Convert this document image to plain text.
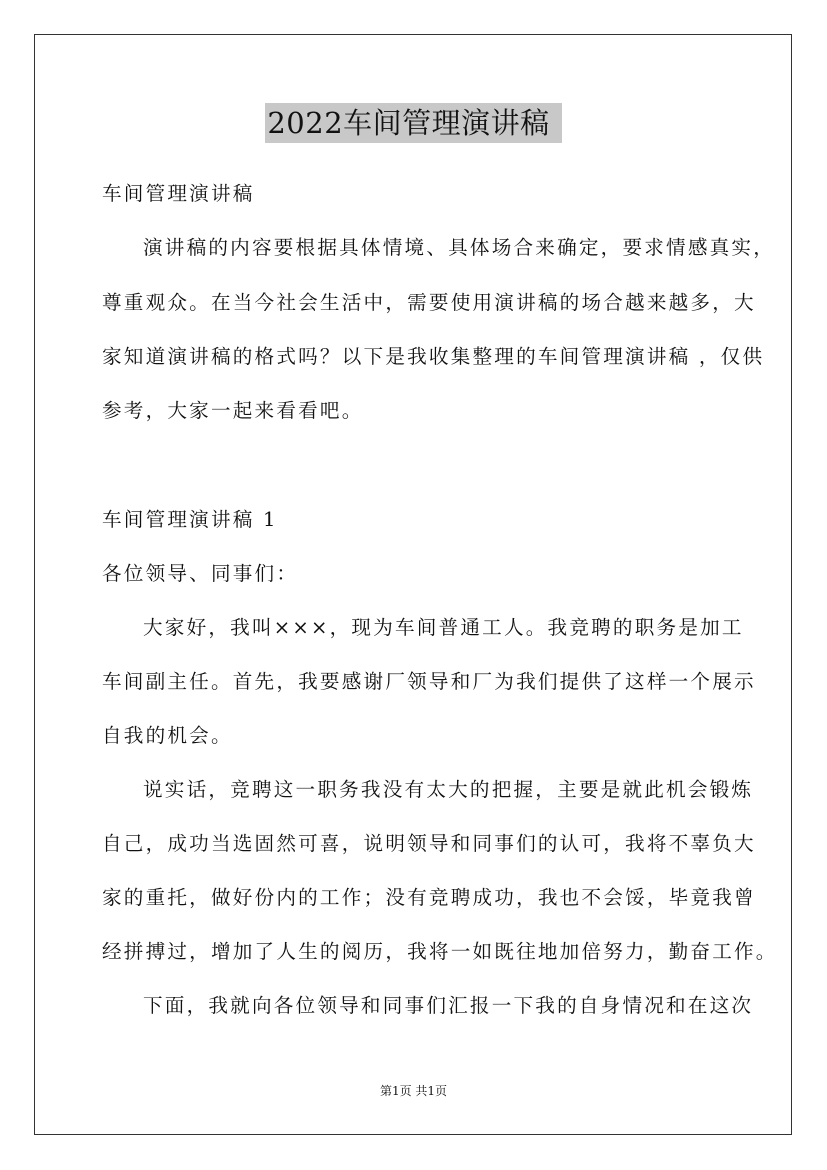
2022车间管理演讲稿
车间管理演讲稿
演讲稿的内容要根据具体情境、具体场合来确定，要求情感真实，
尊重观众。在当今社会生活中，需要使用演讲稿的场合越来越多，大
家知道演讲稿的格式吗？以下是我收集整理的车间管理演讲稿 ，仅供
参考，大家一起来看看吧。
车间管理演讲稿 1
各位领导、同事们：
大家好，我叫×××，现为车间普通工人。我竞聘的职务是加工
车间副主任。首先，我要感谢厂领导和厂为我们提供了这样一个展示
自我的机会。
说实话，竞聘这一职务我没有太大的把握，主要是就此机会锻炼
自己，成功当选固然可喜，说明领导和同事们的认可，我将不辜负大
家的重托，做好份内的工作；没有竞聘成功，我也不会馁，毕竟我曾
经拼搏过，增加了人生的阅历，我将一如既往地加倍努力，勤奋工作。
下面，我就向各位领导和同事们汇报一下我的自身情况和在这次
第1页 共1页
